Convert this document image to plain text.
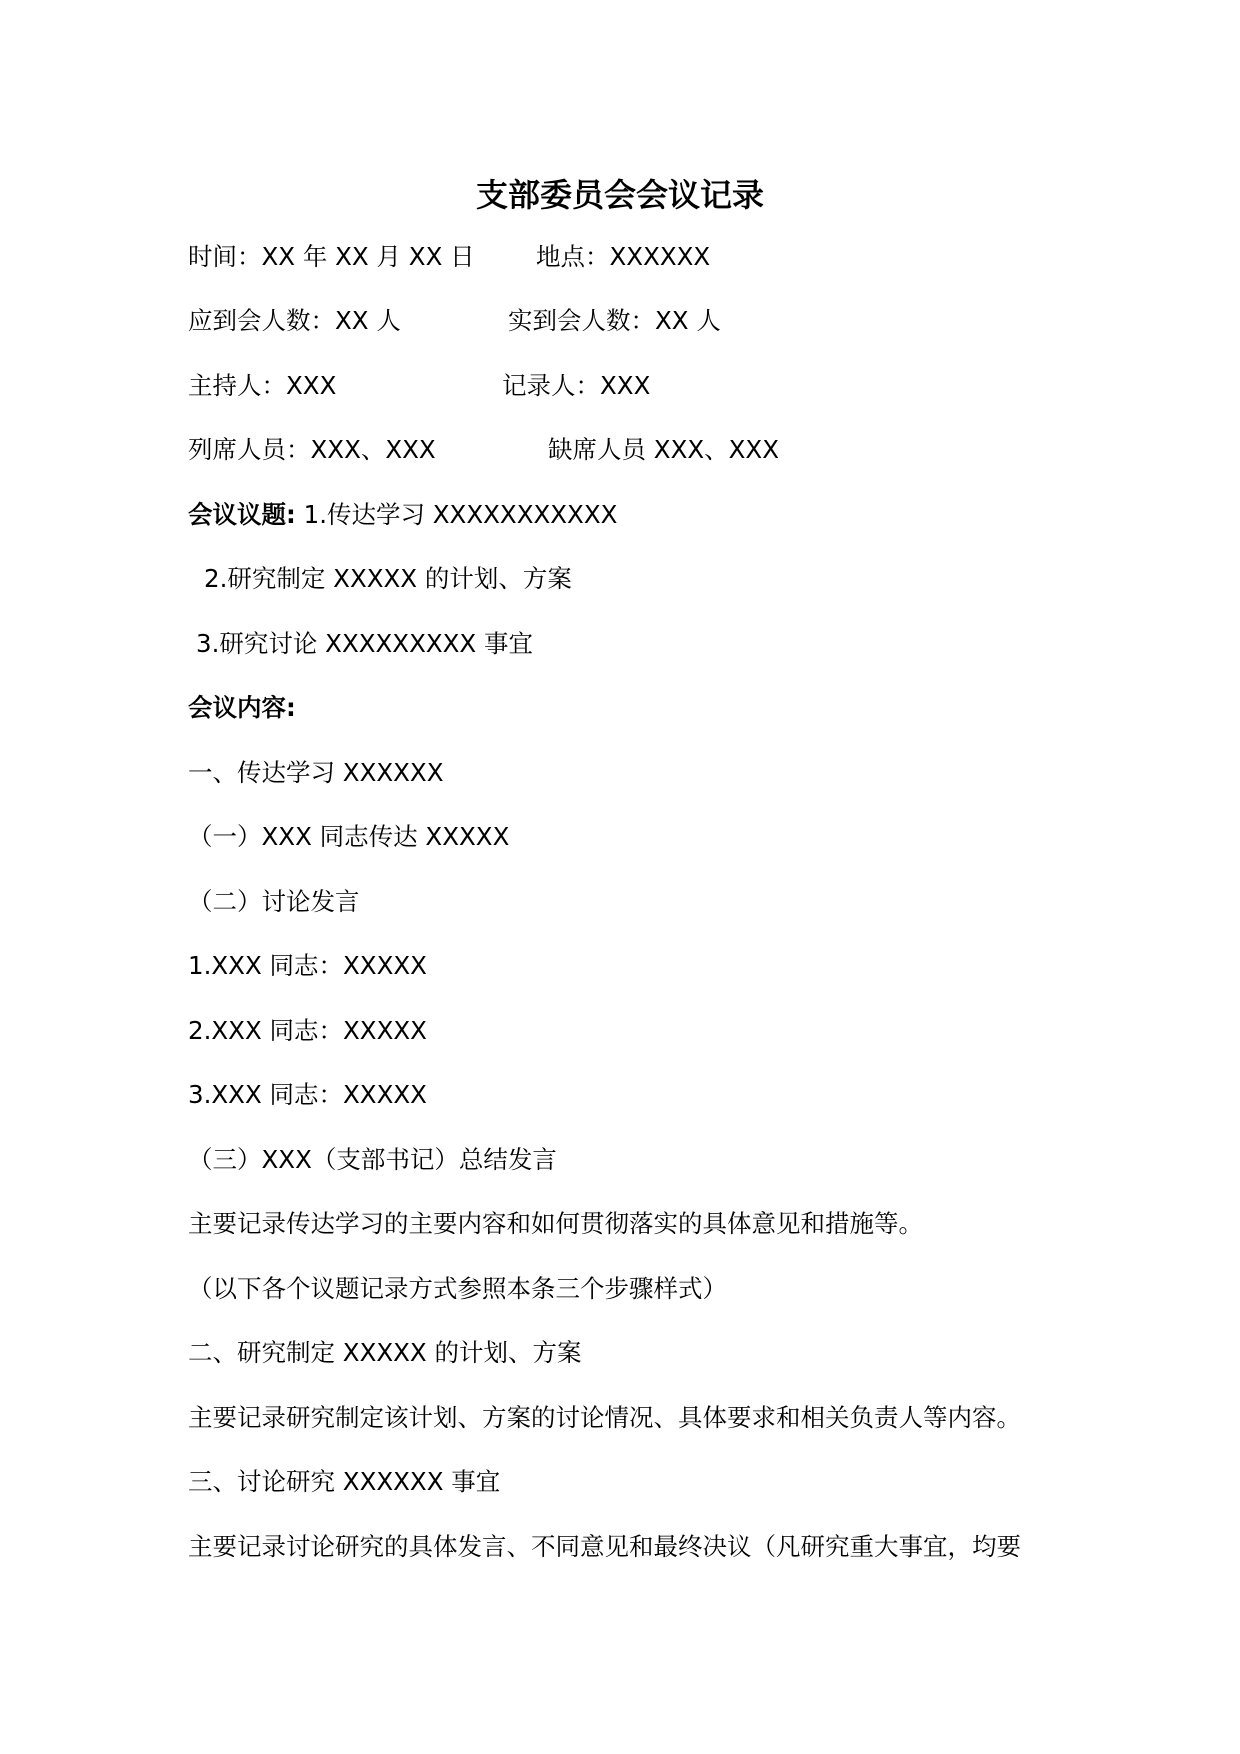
支部委员会会议记录
时间：XX 年 XX 月 XX 日	地点：XXXXXX
应到会人数：XX 人	实到会人数：XX 人
主持人：XXX	记录人：XXX
列席人员：XXX、XXX	缺席人员 XXX、XXX
会议议题: 1.传达学习 XXXXXXXXXXX
2.研究制定 XXXXX 的计划、方案
3.研究讨论 XXXXXXXXX 事宜
会议内容:
一、传达学习 XXXXXX
（一）XXX 同志传达 XXXXX
（二）讨论发言
1.XXX 同志：XXXXX
2.XXX 同志：XXXXX
3.XXX 同志：XXXXX
（三）XXX（支部书记）总结发言
主要记录传达学习的主要内容和如何贯彻落实的具体意见和措施等。
（以下各个议题记录方式参照本条三个步骤样式）
二、研究制定 XXXXX 的计划、方案
主要记录研究制定该计划、方案的讨论情况、具体要求和相关负责人等内容。
三、讨论研究 XXXXXX 事宜
主要记录讨论研究的具体发言、不同意见和最终决议（凡研究重大事宜，均要
